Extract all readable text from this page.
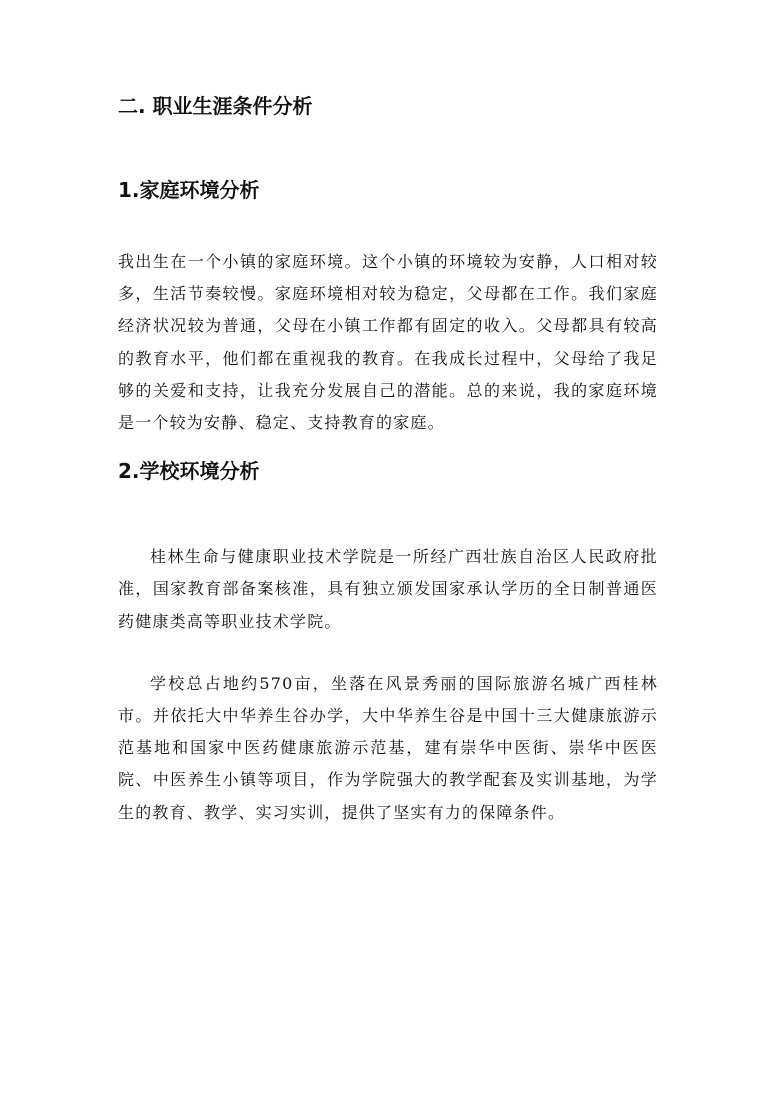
二. 职业生涯条件分析
1.家庭环境分析

我出生在一个小镇的家庭环境。这个小镇的环境较为安静，人口相对较多，生活节奏较慢。家庭环境相对较为稳定，父母都在工作。我们家庭经济状况较为普通，父母在小镇工作都有固定的收入。父母都具有较高的教育水平，他们都在重视我的教育。在我成长过程中，父母给了我足够的关爱和支持，让我充分发展自己的潜能。总的来说，我的家庭环境是一个较为安静、稳定、支持教育的家庭。

2.学校环境分析

桂林生命与健康职业技术学院是一所经广西壮族自治区人民政府批准，国家教育部备案核准，具有独立颁发国家承认学历的全日制普通医药健康类高等职业技术学院。

学校总占地约570亩，坐落在风景秀丽的国际旅游名城广西桂林市。并依托大中华养生谷办学，大中华养生谷是中国十三大健康旅游示范基地和国家中医药健康旅游示范基，建有崇华中医街、崇华中医医院、中医养生小镇等项目，作为学院强大的教学配套及实训基地，为学生的教育、教学、实习实训，提供了坚实有力的保障条件。
